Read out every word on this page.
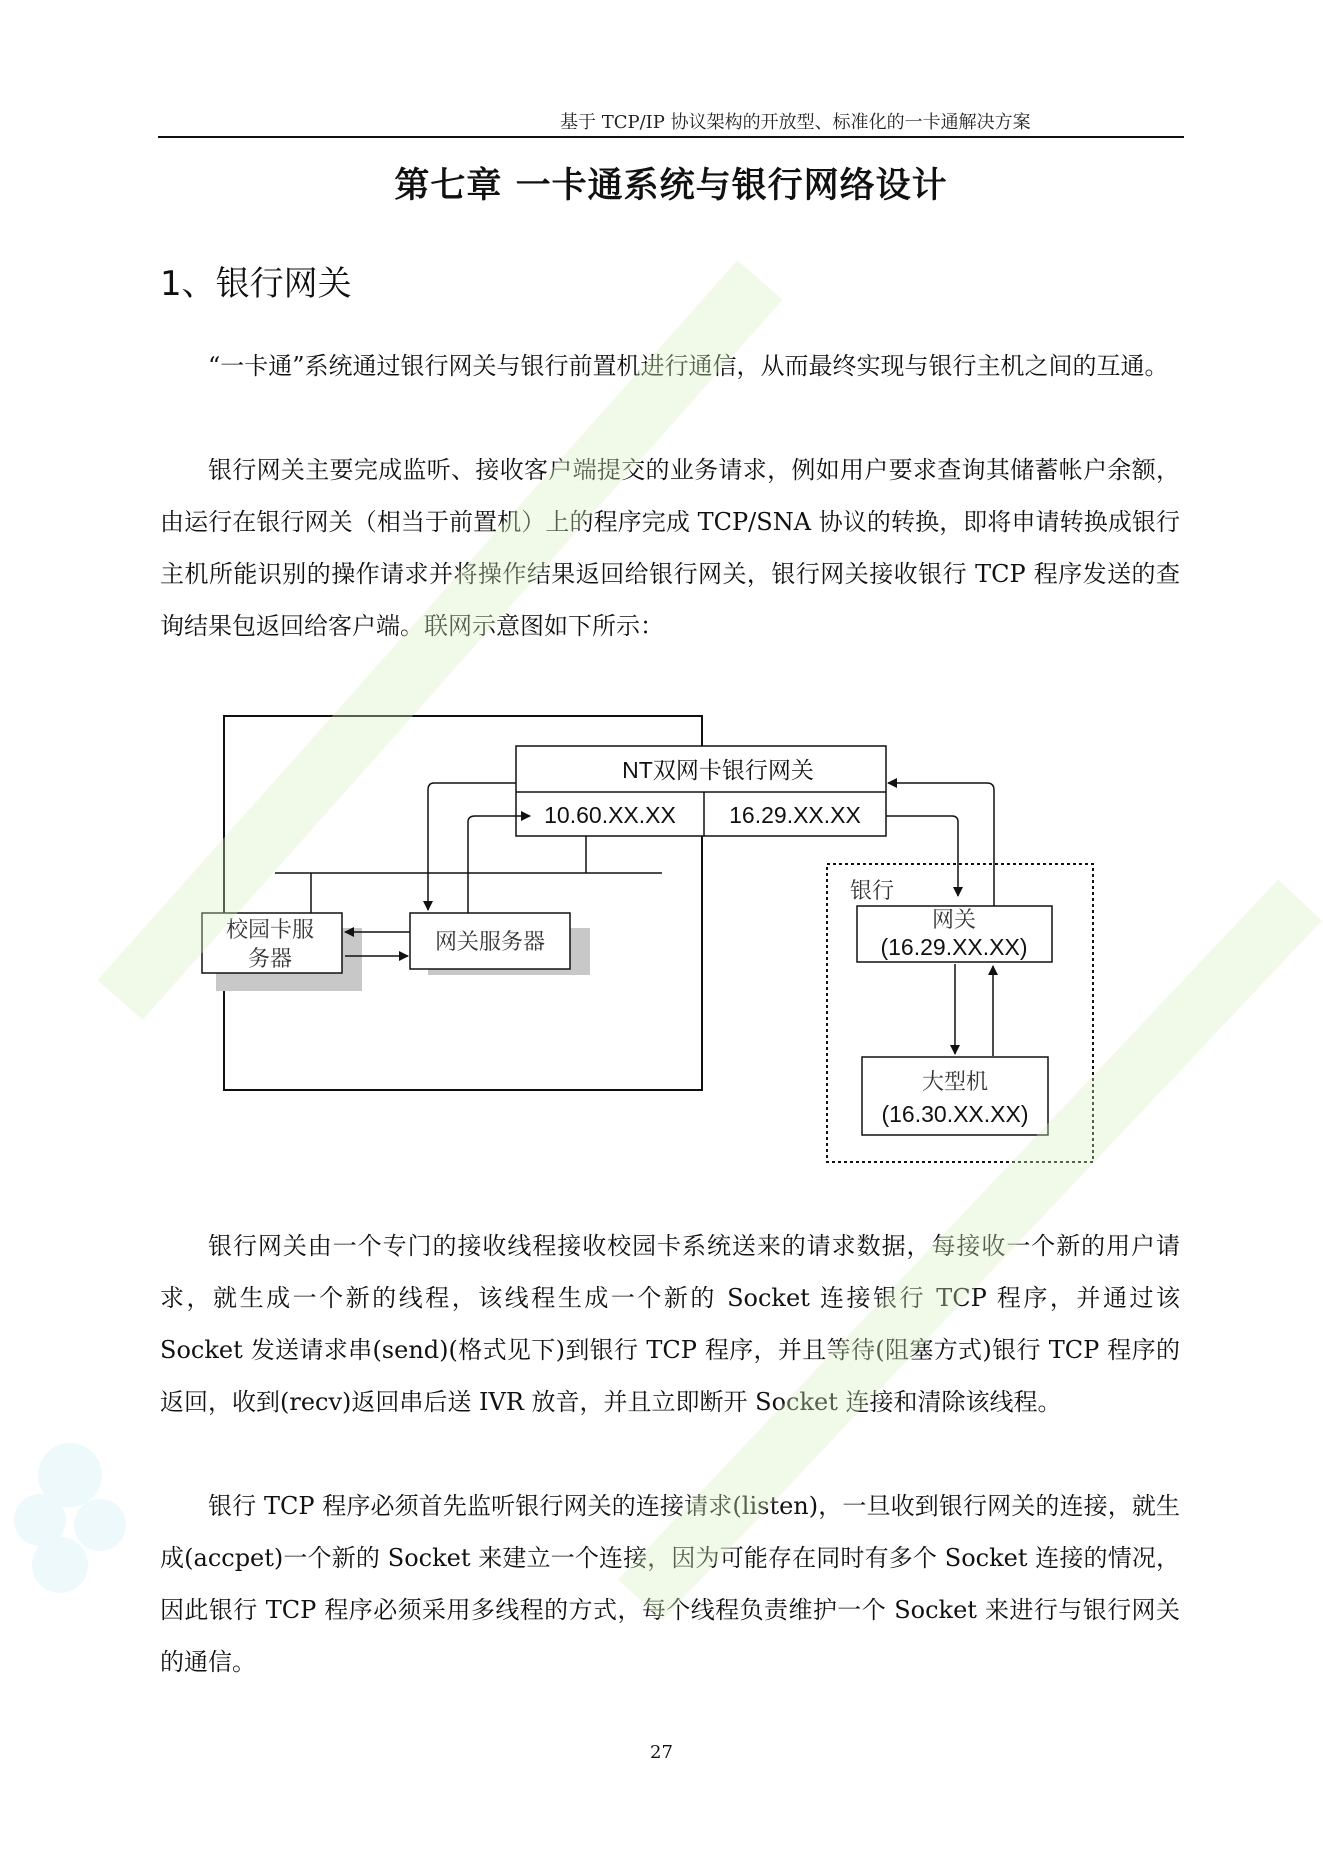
基于 TCP/IP 协议架构的开放型、标准化的一卡通解决方案
第七章 一卡通系统与银行网络设计
1、银行网关

“一卡通”系统通过银行网关与银行前置机进行通信，从而最终实现与银行主机之间的互通。

银行网关主要完成监听、接收客户端提交的业务请求，例如用户要求查询其储蓄帐户余额，由运行在银行网关（相当于前置机）上的程序完成 TCP/SNA 协议的转换，即将申请转换成银行主机所能识别的操作请求并将操作结果返回给银行网关，银行网关接收银行 TCP 程序发送的查询结果包返回给客户端。联网示意图如下所示：

NT双网卡银行网关
10.60.XX.XX 16.29.XX.XX
校园卡服
务器
网关服务器
银行
网关
(16.29.XX.XX)
大型机
(16.30.XX.XX)

银行网关由一个专门的接收线程接收校园卡系统送来的请求数据，每接收一个新的用户请求，就生成一个新的线程，该线程生成一个新的 Socket 连接银行 TCP 程序，并通过该 Socket 发送请求串(send)(格式见下)到银行 TCP 程序，并且等待(阻塞方式)银行 TCP 程序的返回，收到(recv)返回串后送 IVR 放音，并且立即断开 Socket 连接和清除该线程。

银行 TCP 程序必须首先监听银行网关的连接请求(listen)，一旦收到银行网关的连接，就生成(accpet)一个新的 Socket 来建立一个连接，因为可能存在同时有多个 Socket 连接的情况，因此银行 TCP 程序必须采用多线程的方式，每个线程负责维护一个 Socket 来进行与银行网关的通信。

27
